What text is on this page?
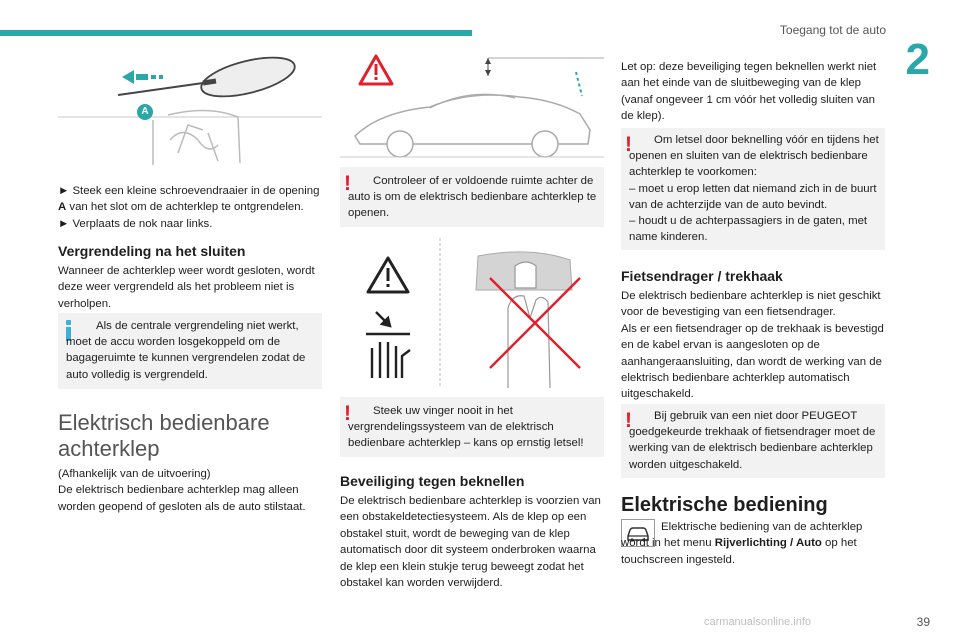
Toegang tot de auto
2
A

► Steek een kleine schroevendraaier in de opening
A van het slot om de achterklep te ontgrendelen.

► Verplaats de nok naar links.

Vergrendeling na het sluiten

Wanneer de achterklep weer wordt gesloten, wordt deze weer vergrendeld als het probleem niet is verholpen.

Als de centrale vergrendeling niet werkt, moet de accu worden losgekoppeld om de bagageruimte te kunnen vergrendelen zodat de auto volledig is vergrendeld.
Elektrisch bedienbare
achterklep

(Afhankelijk van de uitvoering)
De elektrisch bedienbare achterklep mag alleen worden geopend of gesloten als de auto stilstaat.

!	Controleer of er voldoende ruimte achter de auto is om de elektrisch bedienbare achterklep te openen.
!	Steek uw vinger nooit in het vergrendelingssysteem van de elektrisch bedienbare achterklep – kans op ernstig letsel!
Beveiliging tegen beknellen

De elektrisch bedienbare achterklep is voorzien van een obstakeldetectiesysteem. Als de klep op een obstakel stuit, wordt de beweging van de klep automatisch door dit systeem onderbroken waarna de klep een klein stukje terug beweegt zodat het obstakel kan worden verwijderd.

Let op: deze beveiliging tegen beknellen werkt niet aan het einde van de sluitbeweging van de klep (vanaf ongeveer 1 cm vóór het volledig sluiten van de klep).

!	Om letsel door beknelling vóór en tijdens het openen en sluiten van de elektrisch bedienbare achterklep te voorkomen:
– moet u erop letten dat niemand zich in de buurt van de achterzijde van de auto bevindt.
– houdt u de achterpassagiers in de gaten, met name kinderen.
Fietsendrager / trekhaak

De elektrisch bedienbare achterklep is niet geschikt voor de bevestiging van een fietsendrager.
Als er een fietsendrager op de trekhaak is bevestigd en de kabel ervan is aangesloten op de aanhangeraansluiting, dan wordt de werking van de elektrisch bedienbare achterklep automatisch uitgeschakeld.

!	Bij gebruik van een niet door PEUGEOT goedgekeurde trekhaak of fietsendrager moet de werking van de elektrisch bedienbare achterklep worden uitgeschakeld.
Elektrische bediening

Elektrische bediening van de achterklep wordt in het menu Rijverlichting / Auto op het touchscreen ingesteld.

carmanualsonline.info	39
